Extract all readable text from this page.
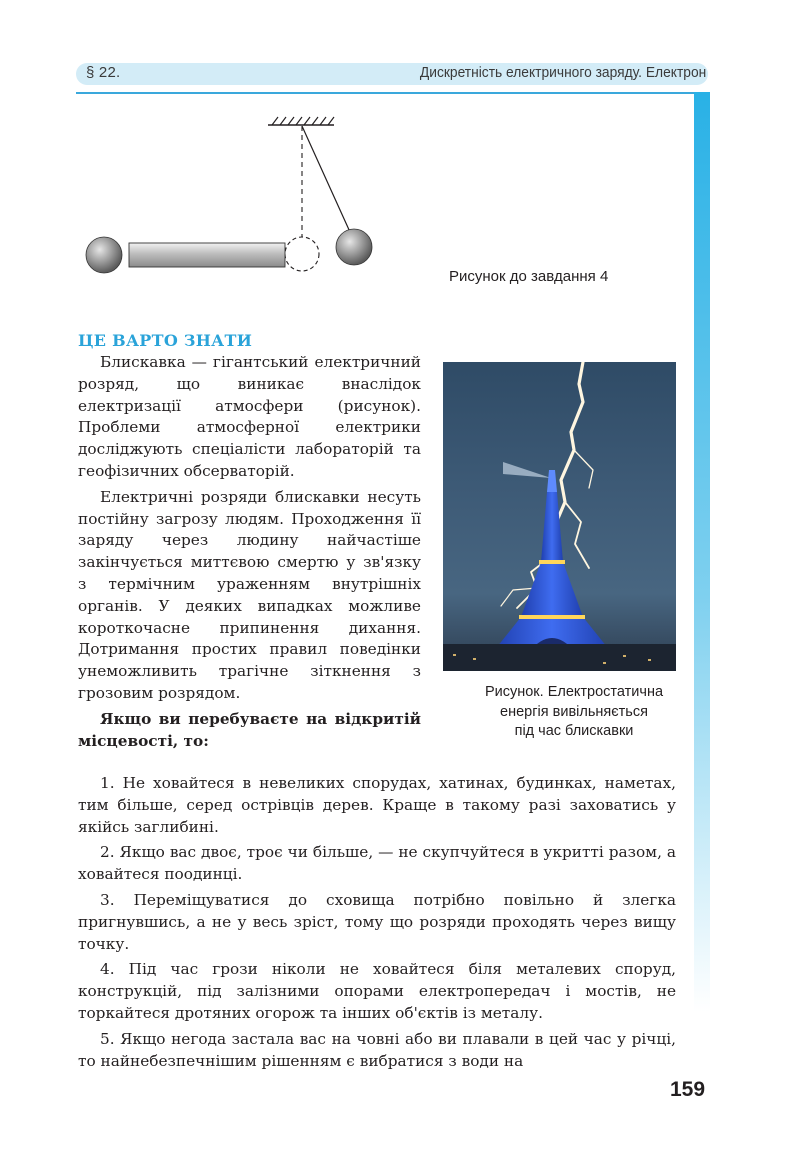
§ 22.	Дискретність електричного заряду. Електрон
Рисунок до завдання 4
ЦЕ ВАРТО ЗНАТИ

Блискавка — гігантський електричний розряд, що виникає внаслідок електризації атмосфери (рисунок). Проблеми атмосферної електрики досліджують спеціалісти лабораторій та геофізичних обсерваторій.

Електричні розряди блискавки несуть постійну загрозу людям. Проходження її заряду через людину найчастіше закінчується миттєвою смертю у зв'язку з термічним ураженням внутрішніх органів. У деяких випадках можливе короткочасне припинення дихання. Дотримання простих правил поведінки унеможливить трагічне зіткнення з грозовим розрядом.

Якщо ви перебуваєте на відкритій місцевості, то:

Рисунок. Електростатична
енергія вивільняється
під час блискавки

1. Не ховайтеся в невеликих спорудах, хатинах, будинках, наметах, тим більше, серед острівців дерев. Краще в такому разі заховатись у якійсь заглибині.

2. Якщо вас двоє, троє чи більше, — не скупчуйтеся в укритті разом, а ховайтеся поодинці.

3. Переміщуватися до сховища потрібно повільно й злегка пригнувшись, а не у весь зріст, тому що розряди проходять через вищу точку.

4. Під час грози ніколи не ховайтеся біля металевих споруд, конструкцій, під залізними опорами електропередач і мостів, не торкайтеся дротяних огорож та інших об'єктів із металу.

5. Якщо негода застала вас на човні або ви плавали в цей час у річці, то найнебезпечнішим рішенням є вибратися з води на

159
